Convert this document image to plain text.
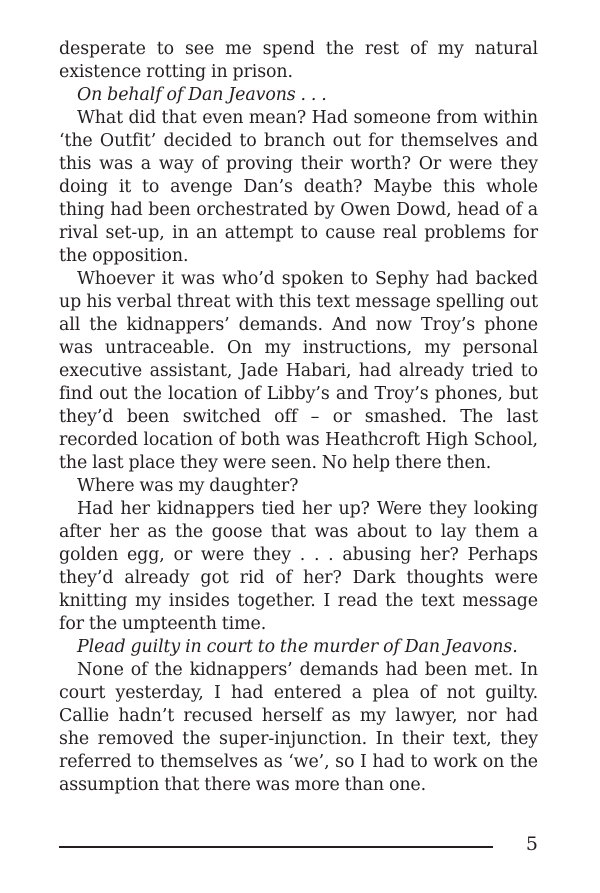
desperate to see me spend the rest of my natural existence rotting in prison.

On behalf of Dan Jeavons . . .

What did that even mean? Had someone from within ‘the Outfit’ decided to branch out for themselves and this was a way of proving their worth? Or were they doing it to avenge Dan’s death? Maybe this whole thing had been orchestrated by Owen Dowd, head of a rival set-up, in an attempt to cause real problems for the opposition.

Whoever it was who’d spoken to Sephy had backed up his verbal threat with this text message spelling out all the kidnappers’ demands. And now Troy’s phone was untraceable. On my instructions, my personal executive assistant, Jade Habari, had already tried to find out the location of Libby’s and Troy’s phones, but they’d been switched off – or smashed. The last recorded location of both was Heathcroft High School, the last place they were seen. No help there then.

Where was my daughter?

Had her kidnappers tied her up? Were they looking after her as the goose that was about to lay them a golden egg, or were they . . . abusing her? Perhaps they’d already got rid of her? Dark thoughts were knitting my insides together. I read the text message for the umpteenth time.

Plead guilty in court to the murder of Dan Jeavons.

None of the kidnappers’ demands had been met. In court yesterday, I had entered a plea of not guilty. Callie hadn’t recused herself as my lawyer, nor had she removed the super-injunction. In their text, they referred to themselves as ‘we’, so I had to work on the assumption that there was more than one.

5
